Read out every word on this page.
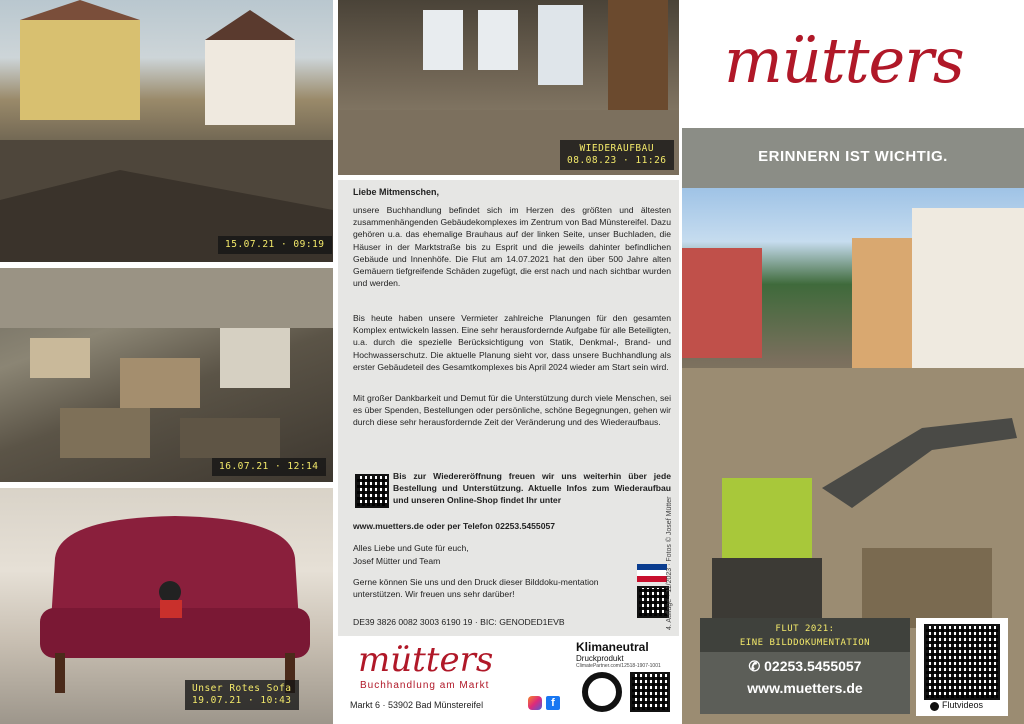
15.07.21 · 09:19
16.07.21 · 12:14
Unser Rotes Sofa
19.07.21 · 10:43
WIEDERAUFBAU
08.08.23 · 11:26

Liebe Mitmenschen,

unsere Buchhandlung befindet sich im Herzen des größten und ältesten zusammenhängenden Gebäudekomplexes im Zentrum von Bad Münstereifel. Dazu gehören u.a. das ehemalige Brauhaus auf der linken Seite, unser Buchladen, die Häuser in der Marktstraße bis zu Esprit und die jeweils dahinter befindlichen Gebäude und Innenhöfe. Die Flut am 14.07.2021 hat den über 500 Jahre alten Gemäuern tiefgreifende Schäden zugefügt, die erst nach und nach sichtbar wurden und werden.

Bis heute haben unsere Vermieter zahlreiche Planungen für den gesamten Komplex entwickeln lassen. Eine sehr herausfordernde Aufgabe für alle Beteiligten, u.a. durch die spezielle Berücksichtigung von Statik, Denkmal-, Brand- und Hochwasserschutz. Die aktuelle Planung sieht vor, dass unsere Buchhandlung als erster Gebäudeteil des Gesamtkomplexes bis April 2024 wieder am Start sein wird.

Mit großer Dankbarkeit und Demut für die Unterstützung durch viele Menschen, sei es über Spenden, Bestellungen oder persönliche, schöne Begegnungen, gehen wir durch diese sehr herausfordernde Zeit der Veränderung und des Wiederaufbaus.

Bis zur Wiedereröffnung freuen wir uns weiterhin über jede Bestellung und Unterstützung. Aktuelle Infos zum Wiederaufbau und unseren Online-Shop findet Ihr unter

www.muetters.de oder per Telefon 02253.5455057

Alles Liebe und Gute für euch,

Josef Mütter und Team

Gerne können Sie uns und den Druck dieser Bilddoku-mentation unterstützen. Wir freuen uns sehr darüber!

DE39 3826 0082 3003 6190 19 · BIC: GENODED1EVB	4. Auflage · 11/2023 · Fotos © Josef Mütter
mütters
Buchhandlung am Markt
Markt 6 · 53902 Bad Münstereifel	f
Klimaneutral
Druckprodukt
ClimatePartner.com/12518-1907-1001
mütters
ERINNERN IST WICHTIG.
FLUT 2021:
EINE BILDDOKUMENTATION
✆ 02253.5455057
www.muetters.de
Flutvideos
